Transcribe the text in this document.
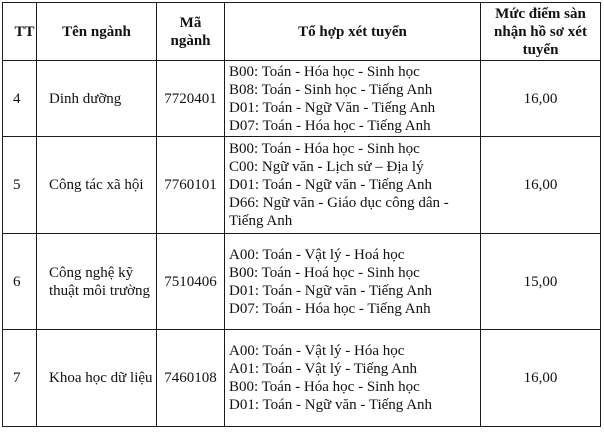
TT	Tên ngành	Mã ngành	Tổ hợp xét tuyển	Mức điểm sàn nhận hồ sơ xét tuyển
4	Dinh dưỡng	7720401	B00: Toán - Hóa học - Sinh học
B08: Toán - Sinh học - Tiếng Anh
D01: Toán - Ngữ Văn - Tiếng Anh
D07: Toán - Hóa học - Tiếng Anh	16,00
5	Công tác xã hội	7760101	B00: Toán - Hóa học - Sinh học
C00: Ngữ văn - Lịch sử – Địa lý
D01: Toán - Ngữ văn - Tiếng Anh
D66: Ngữ văn - Giáo dục công dân - Tiếng Anh	16,00
6	Công nghệ kỹ thuật môi trường	7510406	A00: Toán - Vật lý - Hoá học
B00: Toán - Hoá học - Sinh học
D01: Toán - Ngữ văn - Tiếng Anh
D07: Toán - Hóa học - Tiếng Anh	15,00
7	Khoa học dữ liệu	7460108	A00: Toán - Vật lý - Hóa học
A01: Toán - Vật lý - Tiếng Anh
B00: Toán - Hóa học - Sinh học
D01: Toán - Ngữ văn - Tiếng Anh	16,00
